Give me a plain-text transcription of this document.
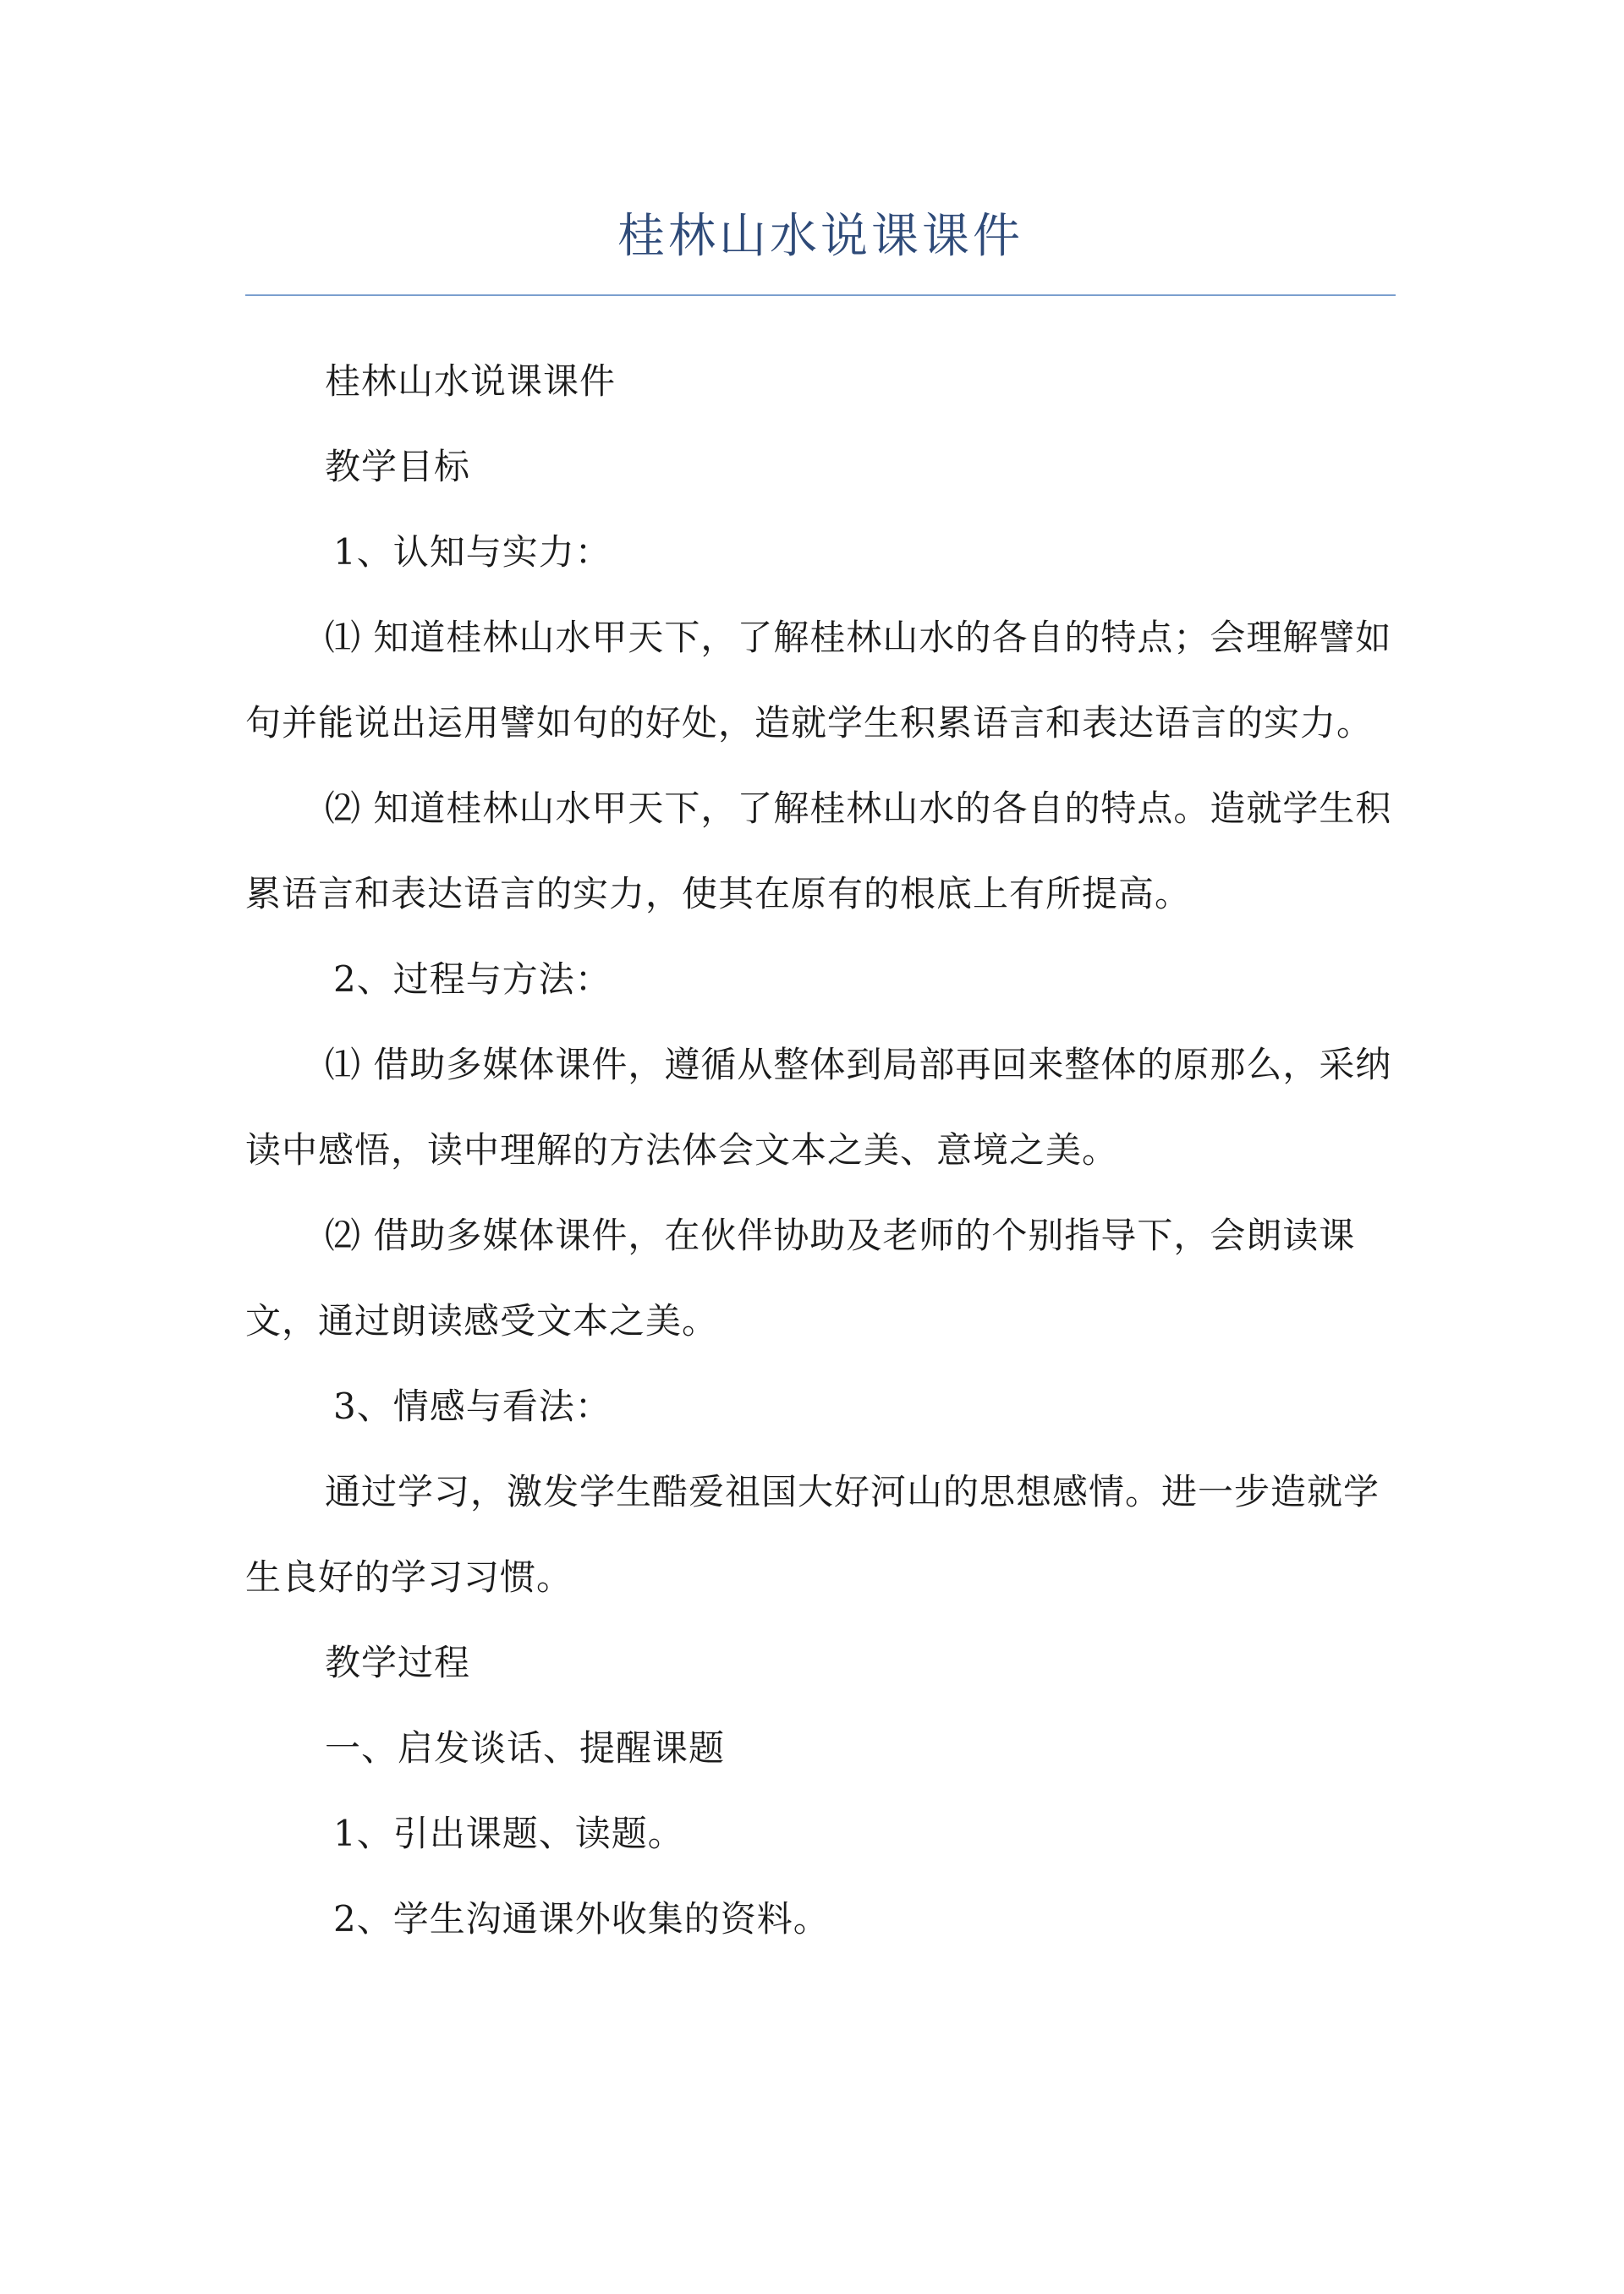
桂林山水说课课件

桂林山水说课课件

教学目标

1、认知与实力：

⑴ 知道桂林山水甲天下，了解桂林山水的各自的特点；会理解譬如句并能说出运用譬如句的好处，造就学生积累语言和表达语言的实力。

⑵ 知道桂林山水甲天下，了解桂林山水的各自的特点。造就学生积累语言和表达语言的实力，使其在原有的根底上有所提高。

2、过程与方法：

⑴ 借助多媒体课件，遵循从整体到局部再回来整体的原那么，采纳读中感悟，读中理解的方法体会文本之美、意境之美。

⑵ 借助多媒体课件，在伙伴协助及老师的个别指导下，会朗读课文，通过朗读感受文本之美。

3、情感与看法：

通过学习，激发学生酷爱祖国大好河山的思想感情。进一步造就学生良好的学习习惯。

教学过程

一、启发谈话、提醒课题

1、引出课题、读题。

2、学生沟通课外收集的资料。
